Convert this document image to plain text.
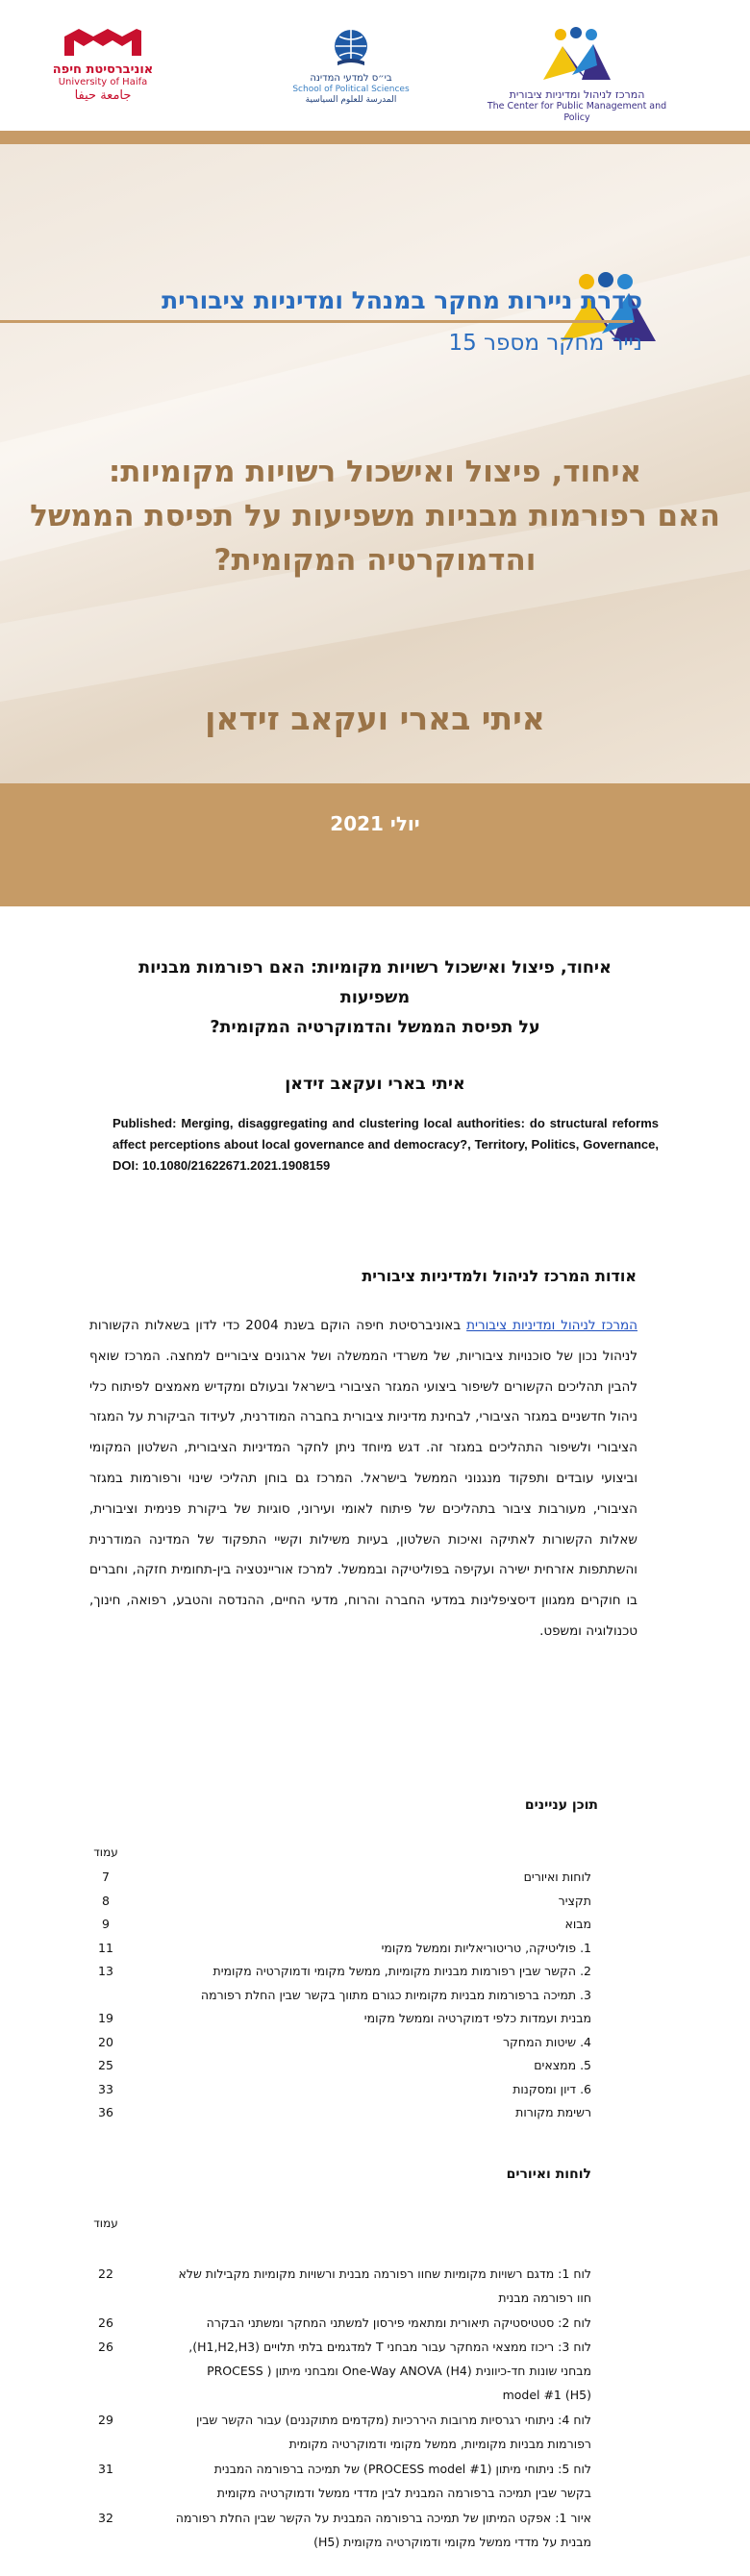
אוניברסיטת חיפה
University of Haifa
جامعة حيفا
בי״ס למדעי המדינה
School of Political Sciences
المدرسة للعلوم السياسية	המרכז לניהול ומדיניות ציבורית
The Center for Public Management and Policy
סדרת ניירות מחקר במנהל ומדיניות ציבורית
נייר מחקר מספר 15
איחוד, פיצול ואישכול רשויות מקומיות:
האם רפורמות מבניות משפיעות על תפיסת הממשל
והדמוקרטיה המקומית?
איתי בארי ועקאב זידאן
יולי 2021
איחוד, פיצול ואישכול רשויות מקומיות: האם רפורמות מבניות משפיעות
על תפיסת הממשל והדמוקרטיה המקומית?
איתי בארי ועקאב זידאן
Published: Merging, disaggregating and clustering local authorities: do structural reforms affect perceptions about local governance and democracy?, Territory, Politics, Governance, DOI: 10.1080/21622671.2021.1908159
אודות המרכז לניהול ולמדיניות ציבורית
המרכז לניהול ומדיניות ציבורית באוניברסיטת חיפה הוקם בשנת 2004 כדי לדון בשאלות הקשורות לניהול נכון של סוכנויות ציבוריות, של משרדי הממשלה ושל ארגונים ציבוריים למחצה. המרכז שואף להבין תהליכים הקשורים לשיפור ביצועי המגזר הציבורי בישראל ובעולם ומקדיש מאמצים לפיתוח כלי ניהול חדשניים במגזר הציבורי, לבחינת מדיניות ציבורית בחברה המודרנית, לעידוד הביקורת על המגזר הציבורי ולשיפור התהליכים במגזר זה. דגש מיוחד ניתן לחקר המדיניות הציבורית, השלטון המקומי וביצועי עובדים ותפקוד מנגנוני הממשל בישראל. המרכז גם בוחן תהליכי שינוי ורפורמות במגזר הציבורי, מעורבות ציבור בתהליכים של פיתוח לאומי ועירוני, סוגיות של ביקורת פנימית וציבורית, שאלות הקשורות לאתיקה ואיכות השלטון, בעיות משילות וקשיי התפקוד של המדינה המודרנית והשתתפות אזרחית ישירה ועקיפה בפוליטיקה ובממשל. למרכז אוריינטציה בין-תחומית חזקה, וחברים בו חוקרים ממגוון דיסציפלינות במדעי החברה והרוח, מדעי החיים, ההנדסה והטבע, רפואה, חינוך, טכנולוגיה ומשפט.
תוכן עניינים
עמוד
7	לוחות ואיורים
8	תקציר
9	מבוא
11	1. פוליטיקה, טריטוריאליות וממשל מקומי
13	2. הקשר שבין רפורמות מבניות מקומיות, ממשל מקומי ודמוקרטיה מקומית
3. תמיכה ברפורמות מבניות מקומיות כגורם מתווך בקשר שבין החלת רפורמה
19	מבנית ועמדות כלפי דמוקרטיה וממשל מקומי
20	4. שיטות המחקר
25	5. ממצאים
33	6. דיון ומסקנות
36	רשימת מקורות
לוחות ואיורים
עמוד
22	לוח 1: מדגם רשויות מקומיות שחוו רפורמה מבנית ורשויות מקומיות מקבילות שלא
חוו רפורמה מבנית
26	לוח 2: סטטיסטיקה תיאורית ומתאמי פירסון למשתני המחקר ומשתני הבקרה
26	לוח 3: ריכוז ממצאי המחקר עבור מבחני T למדגמים בלתי תלויים (H1,H2,H3),
מבחני שונות חד-כיוונית One-Way ANOVA (H4) ומבחני מיתון ( PROCESS
(H5) model #1
29	לוח 4: ניתוחי רגרסיות מרובות היררכיות (מקדמים מתוקננים) עבור הקשר שבין
רפורמות מבניות מקומיות, ממשל מקומי ודמוקרטיה מקומית
31	לוח 5: ניתוחי מיתון (PROCESS model #1) של תמיכה ברפורמה המבנית
בקשר שבין תמיכה ברפורמה המבנית לבין מדדי ממשל ודמוקרטיה מקומית
32	איור 1: אפקט המיתון של תמיכה ברפורמה המבנית על הקשר שבין החלת רפורמה
מבנית על מדדי ממשל מקומי ודמוקרטיה מקומית (H5)
